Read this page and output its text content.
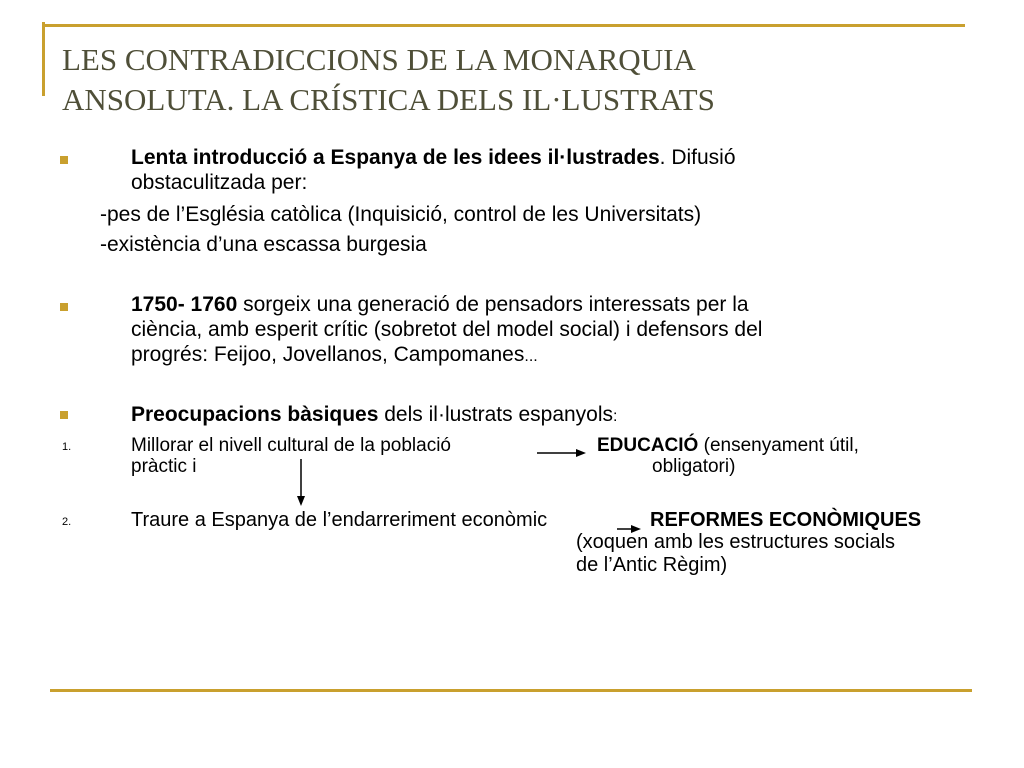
LES CONTRADICCIONS DE LA MONARQUIA
ANSOLUTA. LA CRÍSTICA DELS IL·LUSTRATS
Lenta introducció a Espanya de les idees il·lustrades. Difusió
obstaculitzada per:
-pes de l’Església catòlica (Inquisició, control de les Universitats)
-existència d’una escassa burgesia
1750- 1760 sorgeix una generació de pensadors interessats per la
ciència, amb esperit crític (sobretot del model social) i defensors del
progrés: Feijoo, Jovellanos, Campomanes...
Preocupacions bàsiques dels il·lustrats espanyols:
1.	Millorar el nivell cultural de la població	EDUCACIÓ (ensenyament útil,
pràctic i	obligatori)
2.	Traure a Espanya de l’endarreriment econòmic	REFORMES ECONÒMIQUES
(xoquen amb les estructures socials
de l’Antic Règim)
